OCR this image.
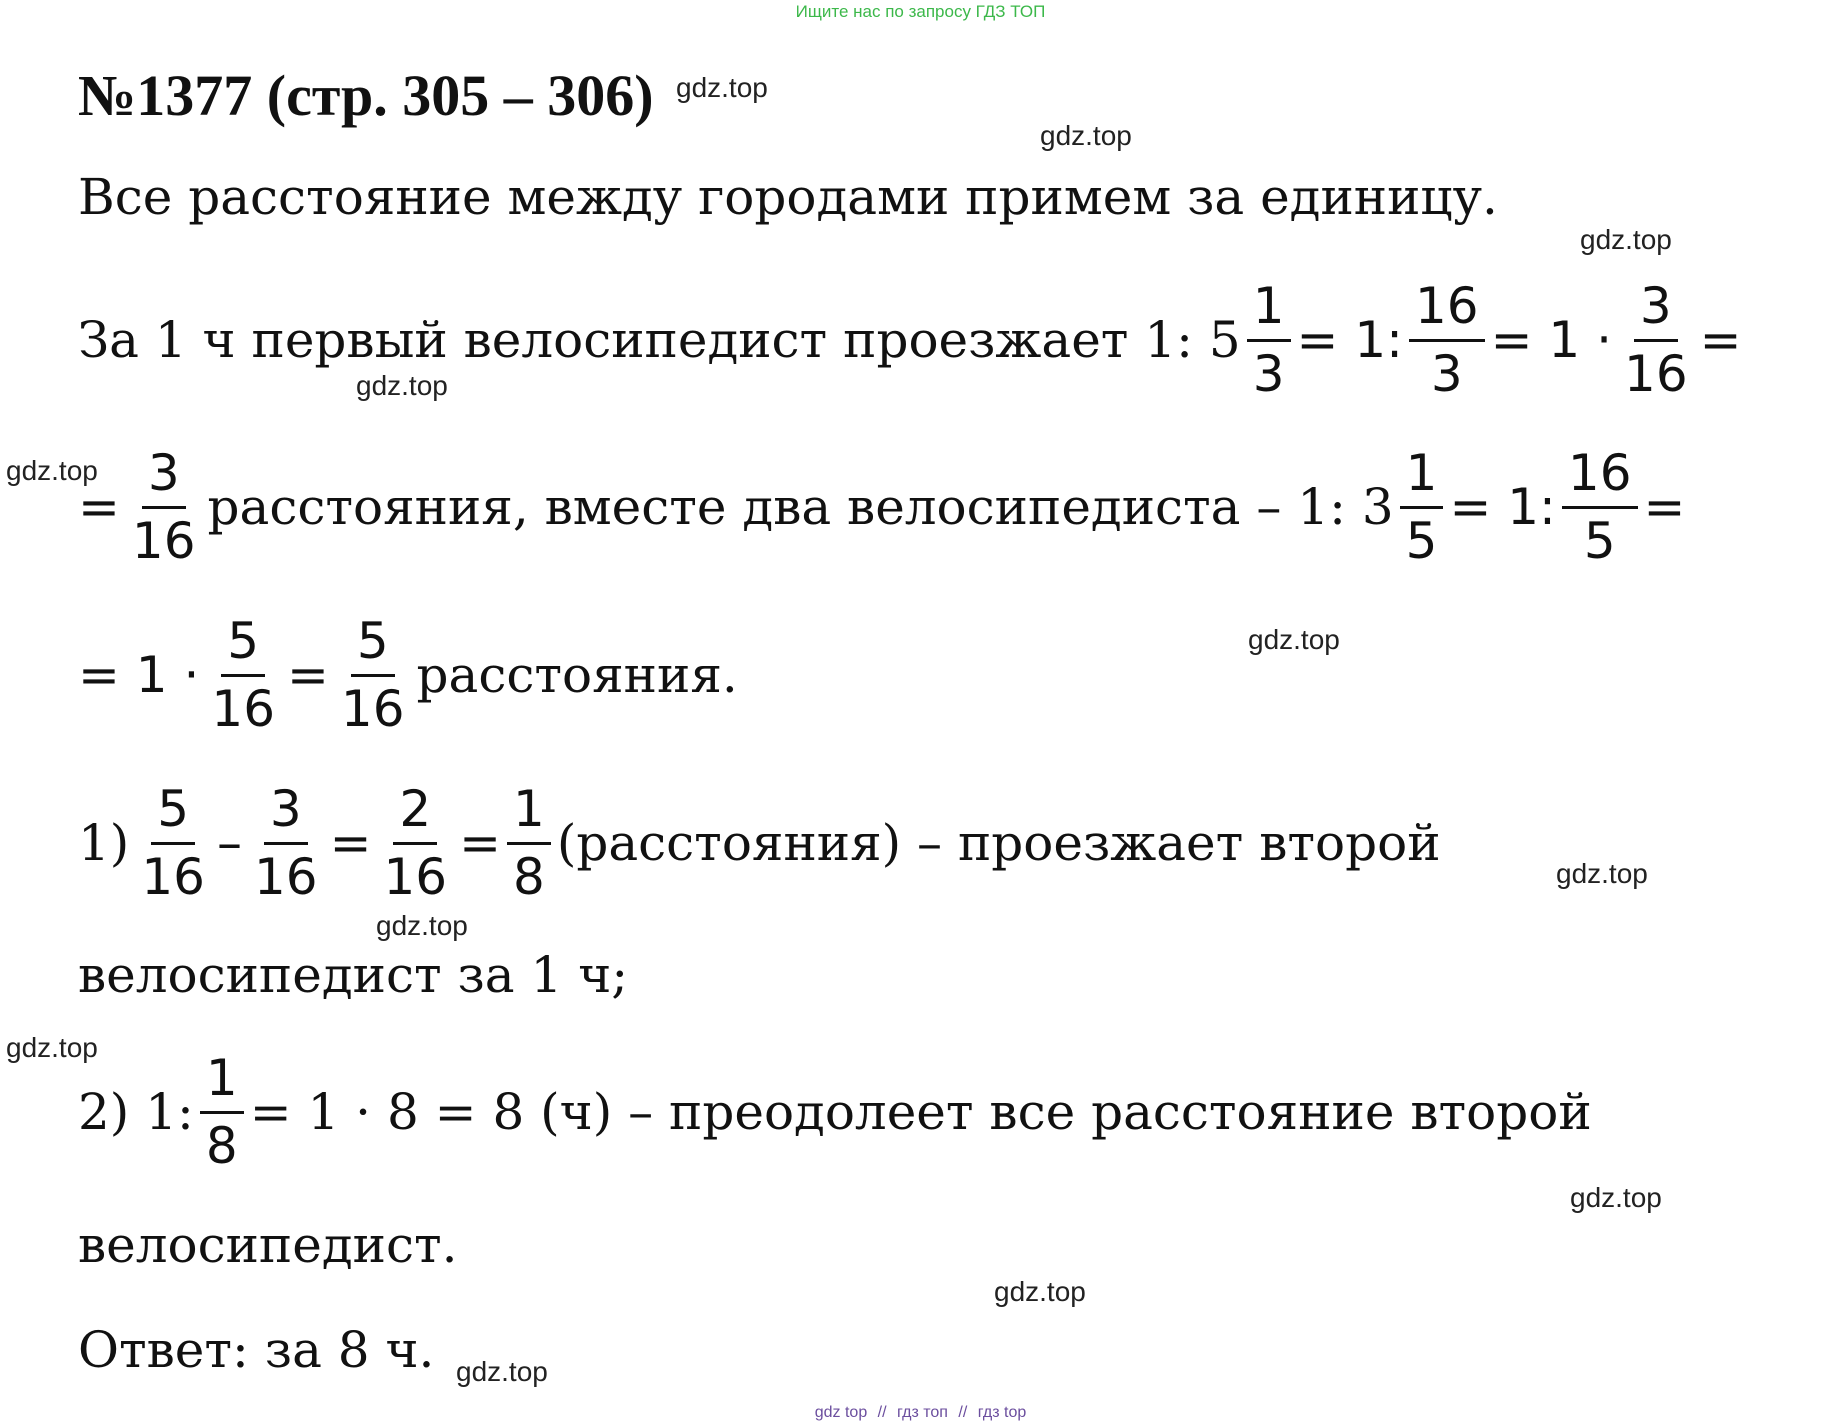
Ищите нас по запросу ГДЗ ТОП
№1377 (стр. 305 – 306)
Все расстояние между городами примем за единицу.
За 1 ч первый велосипедист проезжает 1: $5 \frac{1}{3} = 1$: $\frac{16}{3} = 1 \cdot \frac{3}{16}$ =
= $\frac{3}{16}$ расстояния, вместе два велосипедиста – 1: $3 \frac{1}{5} = 1$: $\frac{16}{5}$ =
= $1 \cdot \frac{5}{16} = \frac{5}{16}$ расстояния.
$1) \frac{5}{16} - \frac{3}{16} = \frac{2}{16} = \frac{1}{8}$ (расстояния) – проезжает второй
велосипедист за 1 ч;
2) 1: $\frac{1}{8} = 1 \cdot 8 = 8$ (ч) – преодолеет все расстояние второй
велосипедист.
Ответ: за 8 ч.
gdz.top
gdz.top
gdz.top
gdz.top
gdz.top
gdz.top
gdz.top
gdz.top
gdz.top
gdz.top
gdz.top
gdz.top
gdz top // гдз топ // гдз top
